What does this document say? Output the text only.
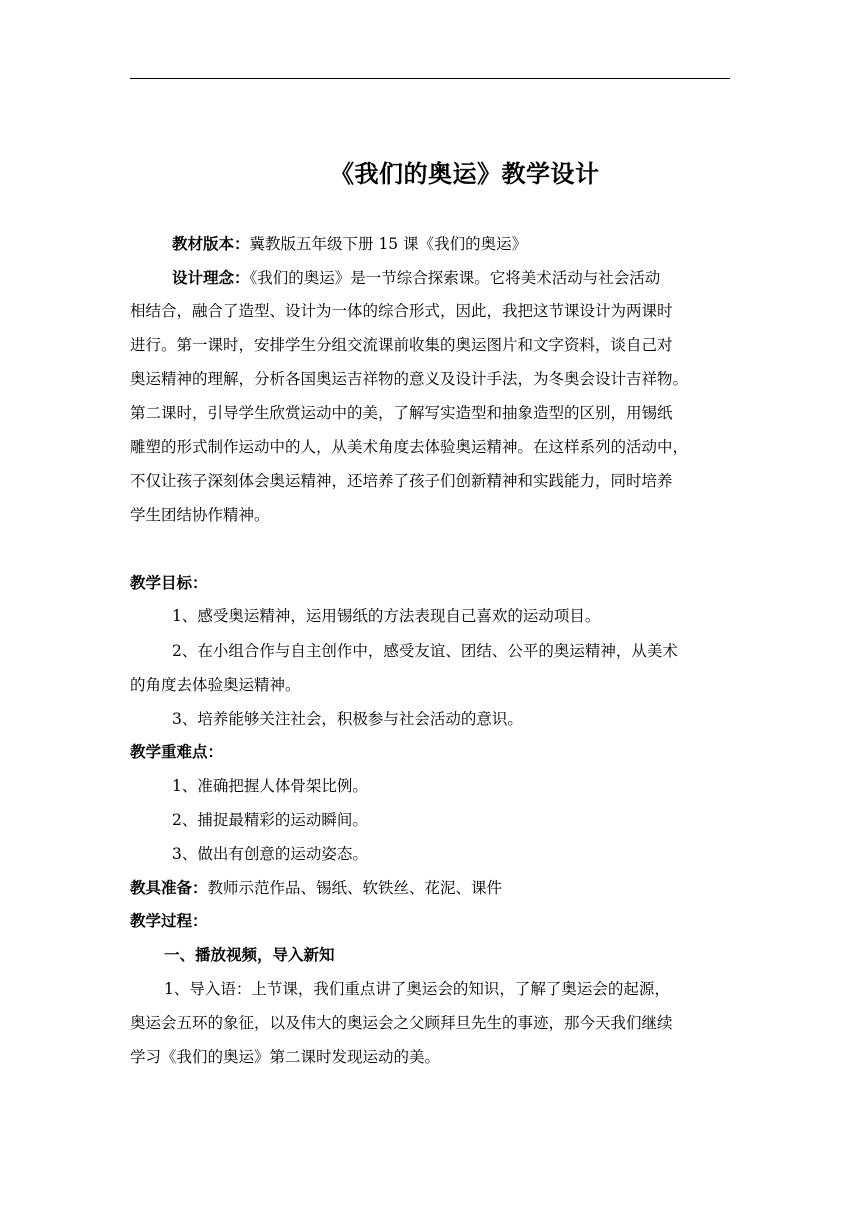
《我们的奥运》教学设计
教材版本：冀教版五年级下册 15 课《我们的奥运》
设计理念：《我们的奥运》是一节综合探索课。它将美术活动与社会活动
相结合，融合了造型、设计为一体的综合形式，因此，我把这节课设计为两课时
进行。第一课时，安排学生分组交流课前收集的奥运图片和文字资料，谈自己对
奥运精神的理解，分析各国奥运吉祥物的意义及设计手法，为冬奥会设计吉祥物。
第二课时，引导学生欣赏运动中的美，了解写实造型和抽象造型的区别，用锡纸
雕塑的形式制作运动中的人，从美术角度去体验奥运精神。在这样系列的活动中，
不仅让孩子深刻体会奥运精神，还培养了孩子们创新精神和实践能力，同时培养
学生团结协作精神。
教学目标：
1、感受奥运精神，运用锡纸的方法表现自己喜欢的运动项目。
2、在小组合作与自主创作中，感受友谊、团结、公平的奥运精神，从美术
的角度去体验奥运精神。
3、培养能够关注社会，积极参与社会活动的意识。
教学重难点：
1、准确把握人体骨架比例。
2、捕捉最精彩的运动瞬间。
3、做出有创意的运动姿态。
教具准备：教师示范作品、锡纸、软铁丝、花泥、课件
教学过程：
一、播放视频，导入新知
1、导入语：上节课，我们重点讲了奥运会的知识，了解了奥运会的起源，
奥运会五环的象征，以及伟大的奥运会之父顾拜旦先生的事迹，那今天我们继续
学习《我们的奥运》第二课时发现运动的美。
